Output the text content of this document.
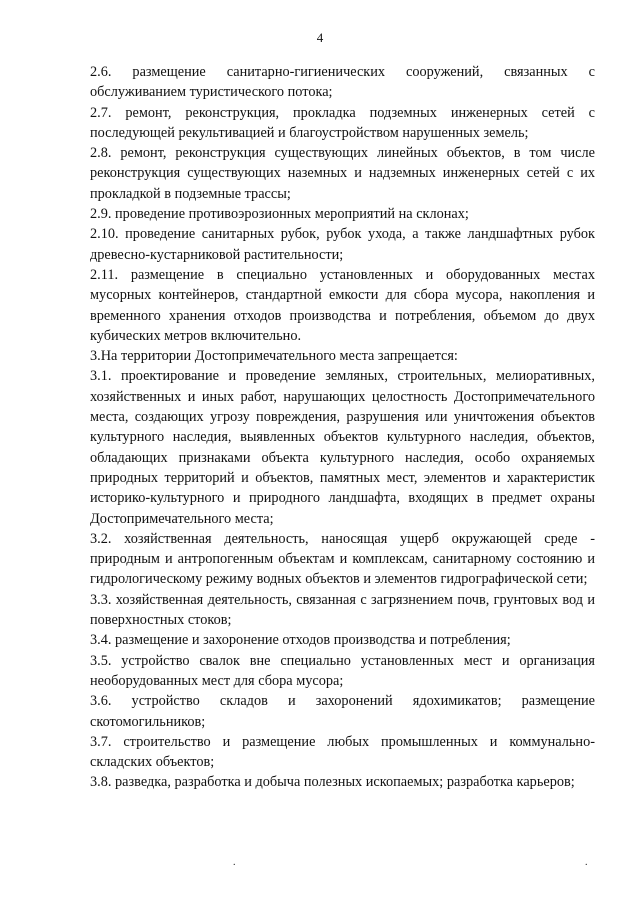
4

2.6. размещение санитарно-гигиенических сооружений, связанных с обслуживанием туристического потока;

2.7. ремонт, реконструкция, прокладка подземных инженерных сетей с последующей рекультивацией и благоустройством нарушенных земель;

2.8. ремонт, реконструкция существующих линейных объектов, в том числе реконструкция существующих наземных и надземных инженерных сетей с их прокладкой в подземные трассы;

2.9. проведение противоэрозионных мероприятий на склонах;

2.10. проведение санитарных рубок, рубок ухода, а также ландшафтных рубок древесно-кустарниковой растительности;

2.11. размещение в специально установленных и оборудованных местах мусорных контейнеров, стандартной емкости для сбора мусора, накопления и временного хранения отходов производства и потребления, объемом до двух кубических метров включительно.

3.На территории Достопримечательного места запрещается:

3.1. проектирование и проведение земляных, строительных, мелиоративных, хозяйственных и иных работ, нарушающих целостность Достопримечательного места, создающих угрозу повреждения, разрушения или уничтожения объектов культурного наследия, выявленных объектов культурного наследия, объектов, обладающих признаками объекта культурного наследия, особо охраняемых природных территорий и объектов, памятных мест, элементов и характеристик историко-культурного и природного ландшафта, входящих в предмет охраны Достопримечательного места;

3.2. хозяйственная деятельность, наносящая ущерб окружающей среде - природным и антропогенным объектам и комплексам, санитарному состоянию и гидрологическому режиму водных объектов и элементов гидрографической сети;

3.3. хозяйственная деятельность, связанная с загрязнением почв, грунтовых вод и поверхностных стоков;

3.4. размещение и захоронение отходов производства и потребления;

3.5. устройство свалок вне специально установленных мест и организация необорудованных мест для сбора мусора;

3.6. устройство складов и захоронений ядохимикатов; размещение скотомогильников;

3.7. строительство и размещение любых промышленных и коммунально-складских объектов;

3.8. разведка, разработка и добыча полезных ископаемых; разработка карьеров;

.	.
